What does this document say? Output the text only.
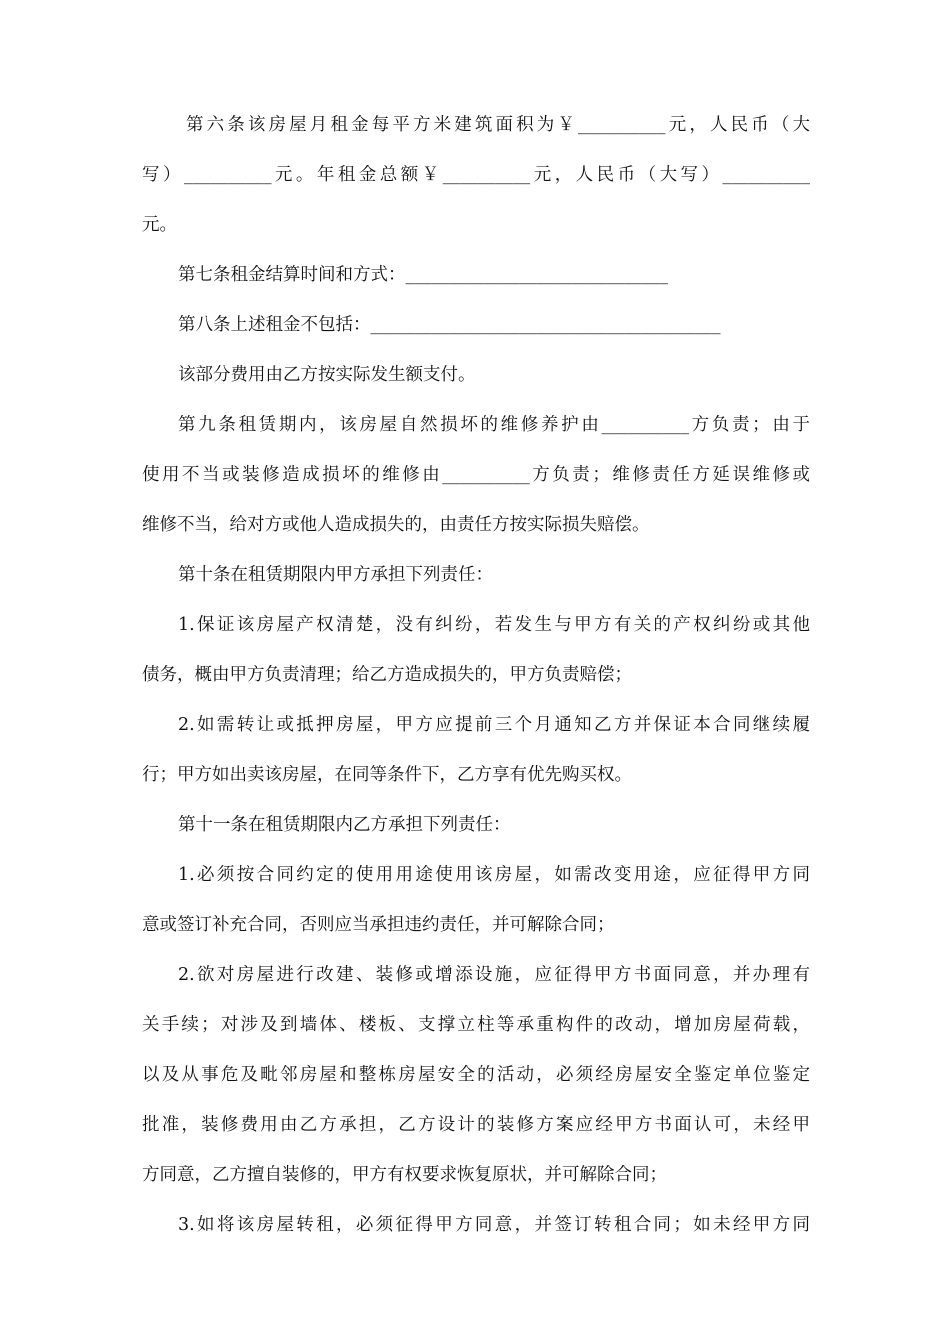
第六条该房屋月租金每平方米建筑面积为￥__________元，人民币（大
写）__________元。年租金总额￥__________元，人民币（大写）__________
元。
第七条租金结算时间和方式：______________________________
第八条上述租金不包括：________________________________________
该部分费用由乙方按实际发生额支付。
第九条租赁期内，该房屋自然损坏的维修养护由__________方负责；由于
使用不当或装修造成损坏的维修由__________方负责；维修责任方延误维修或
维修不当，给对方或他人造成损失的，由责任方按实际损失赔偿。
第十条在租赁期限内甲方承担下列责任：
1.保证该房屋产权清楚，没有纠纷，若发生与甲方有关的产权纠纷或其他
债务，概由甲方负责清理；给乙方造成损失的，甲方负责赔偿；
2.如需转让或抵押房屋，甲方应提前三个月通知乙方并保证本合同继续履
行；甲方如出卖该房屋，在同等条件下，乙方享有优先购买权。
第十一条在租赁期限内乙方承担下列责任：
1.必须按合同约定的使用用途使用该房屋，如需改变用途，应征得甲方同
意或签订补充合同，否则应当承担违约责任，并可解除合同；
2.欲对房屋进行改建、装修或增添设施，应征得甲方书面同意，并办理有
关手续；对涉及到墙体、楼板、支撑立柱等承重构件的改动，增加房屋荷载，
以及从事危及毗邻房屋和整栋房屋安全的活动，必须经房屋安全鉴定单位鉴定
批准，装修费用由乙方承担，乙方设计的装修方案应经甲方书面认可，未经甲
方同意，乙方擅自装修的，甲方有权要求恢复原状，并可解除合同；
3.如将该房屋转租，必须征得甲方同意，并签订转租合同；如未经甲方同
